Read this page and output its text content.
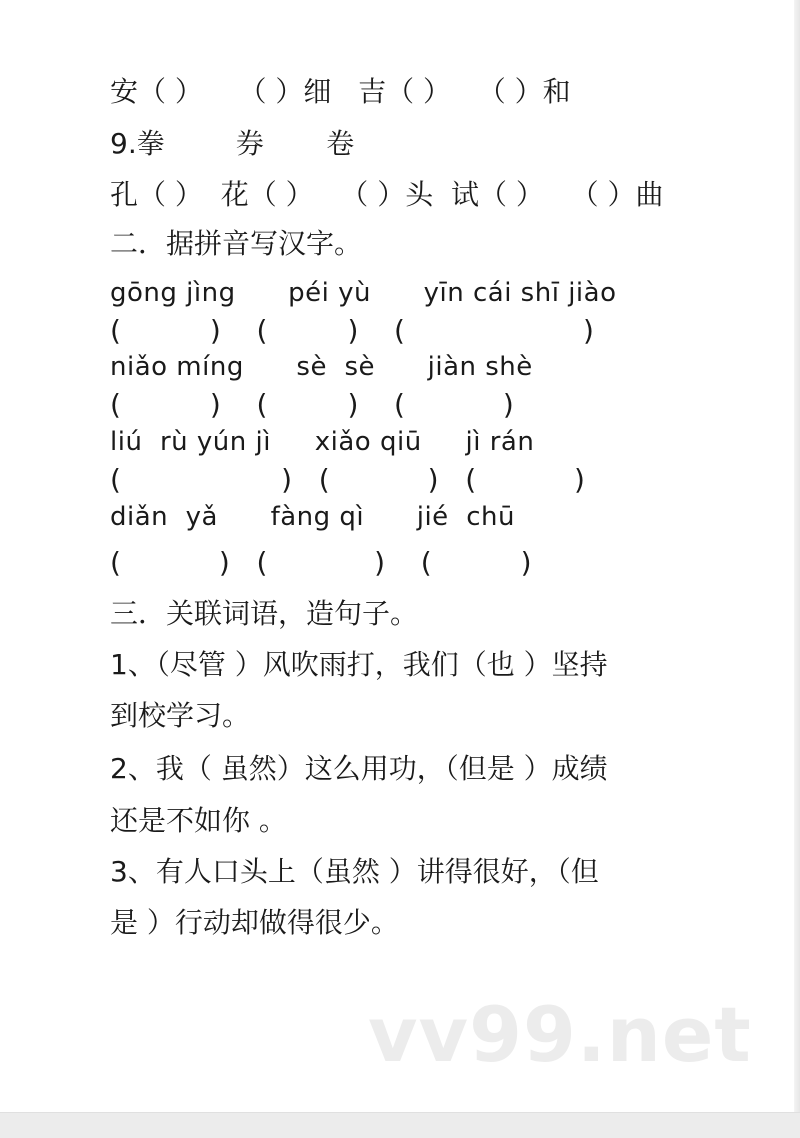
安（ ）    （ ）细   吉（ ）   （ ）和
9.拳        券       卷
孔（ ）  花（ ）   （ ）头  试（ ）   （ ）曲
二．据拼音写汉字。
gōng jìng      péi yù      yīn cái shī jiào
(          )    (         )    (                    )
niǎo míng      sè  sè      jiàn shè
(          )    (         )    (           )
liú  rù yún jì     xiǎo qiū     jì rán
(                  )   (           )   (           )
diǎn  yǎ      fàng qì      jié  chū
(           )   (            )    (          )
三．关联词语，造句子。
1、（尽管 ）风吹雨打，我们（也 ）坚持
到校学习。
2、我（ 虽然）这么用功，（但是 ）成绩
还是不如你 。
3、有人口头上（虽然 ）讲得很好，（但
是 ）行动却做得很少。
vv99.net
